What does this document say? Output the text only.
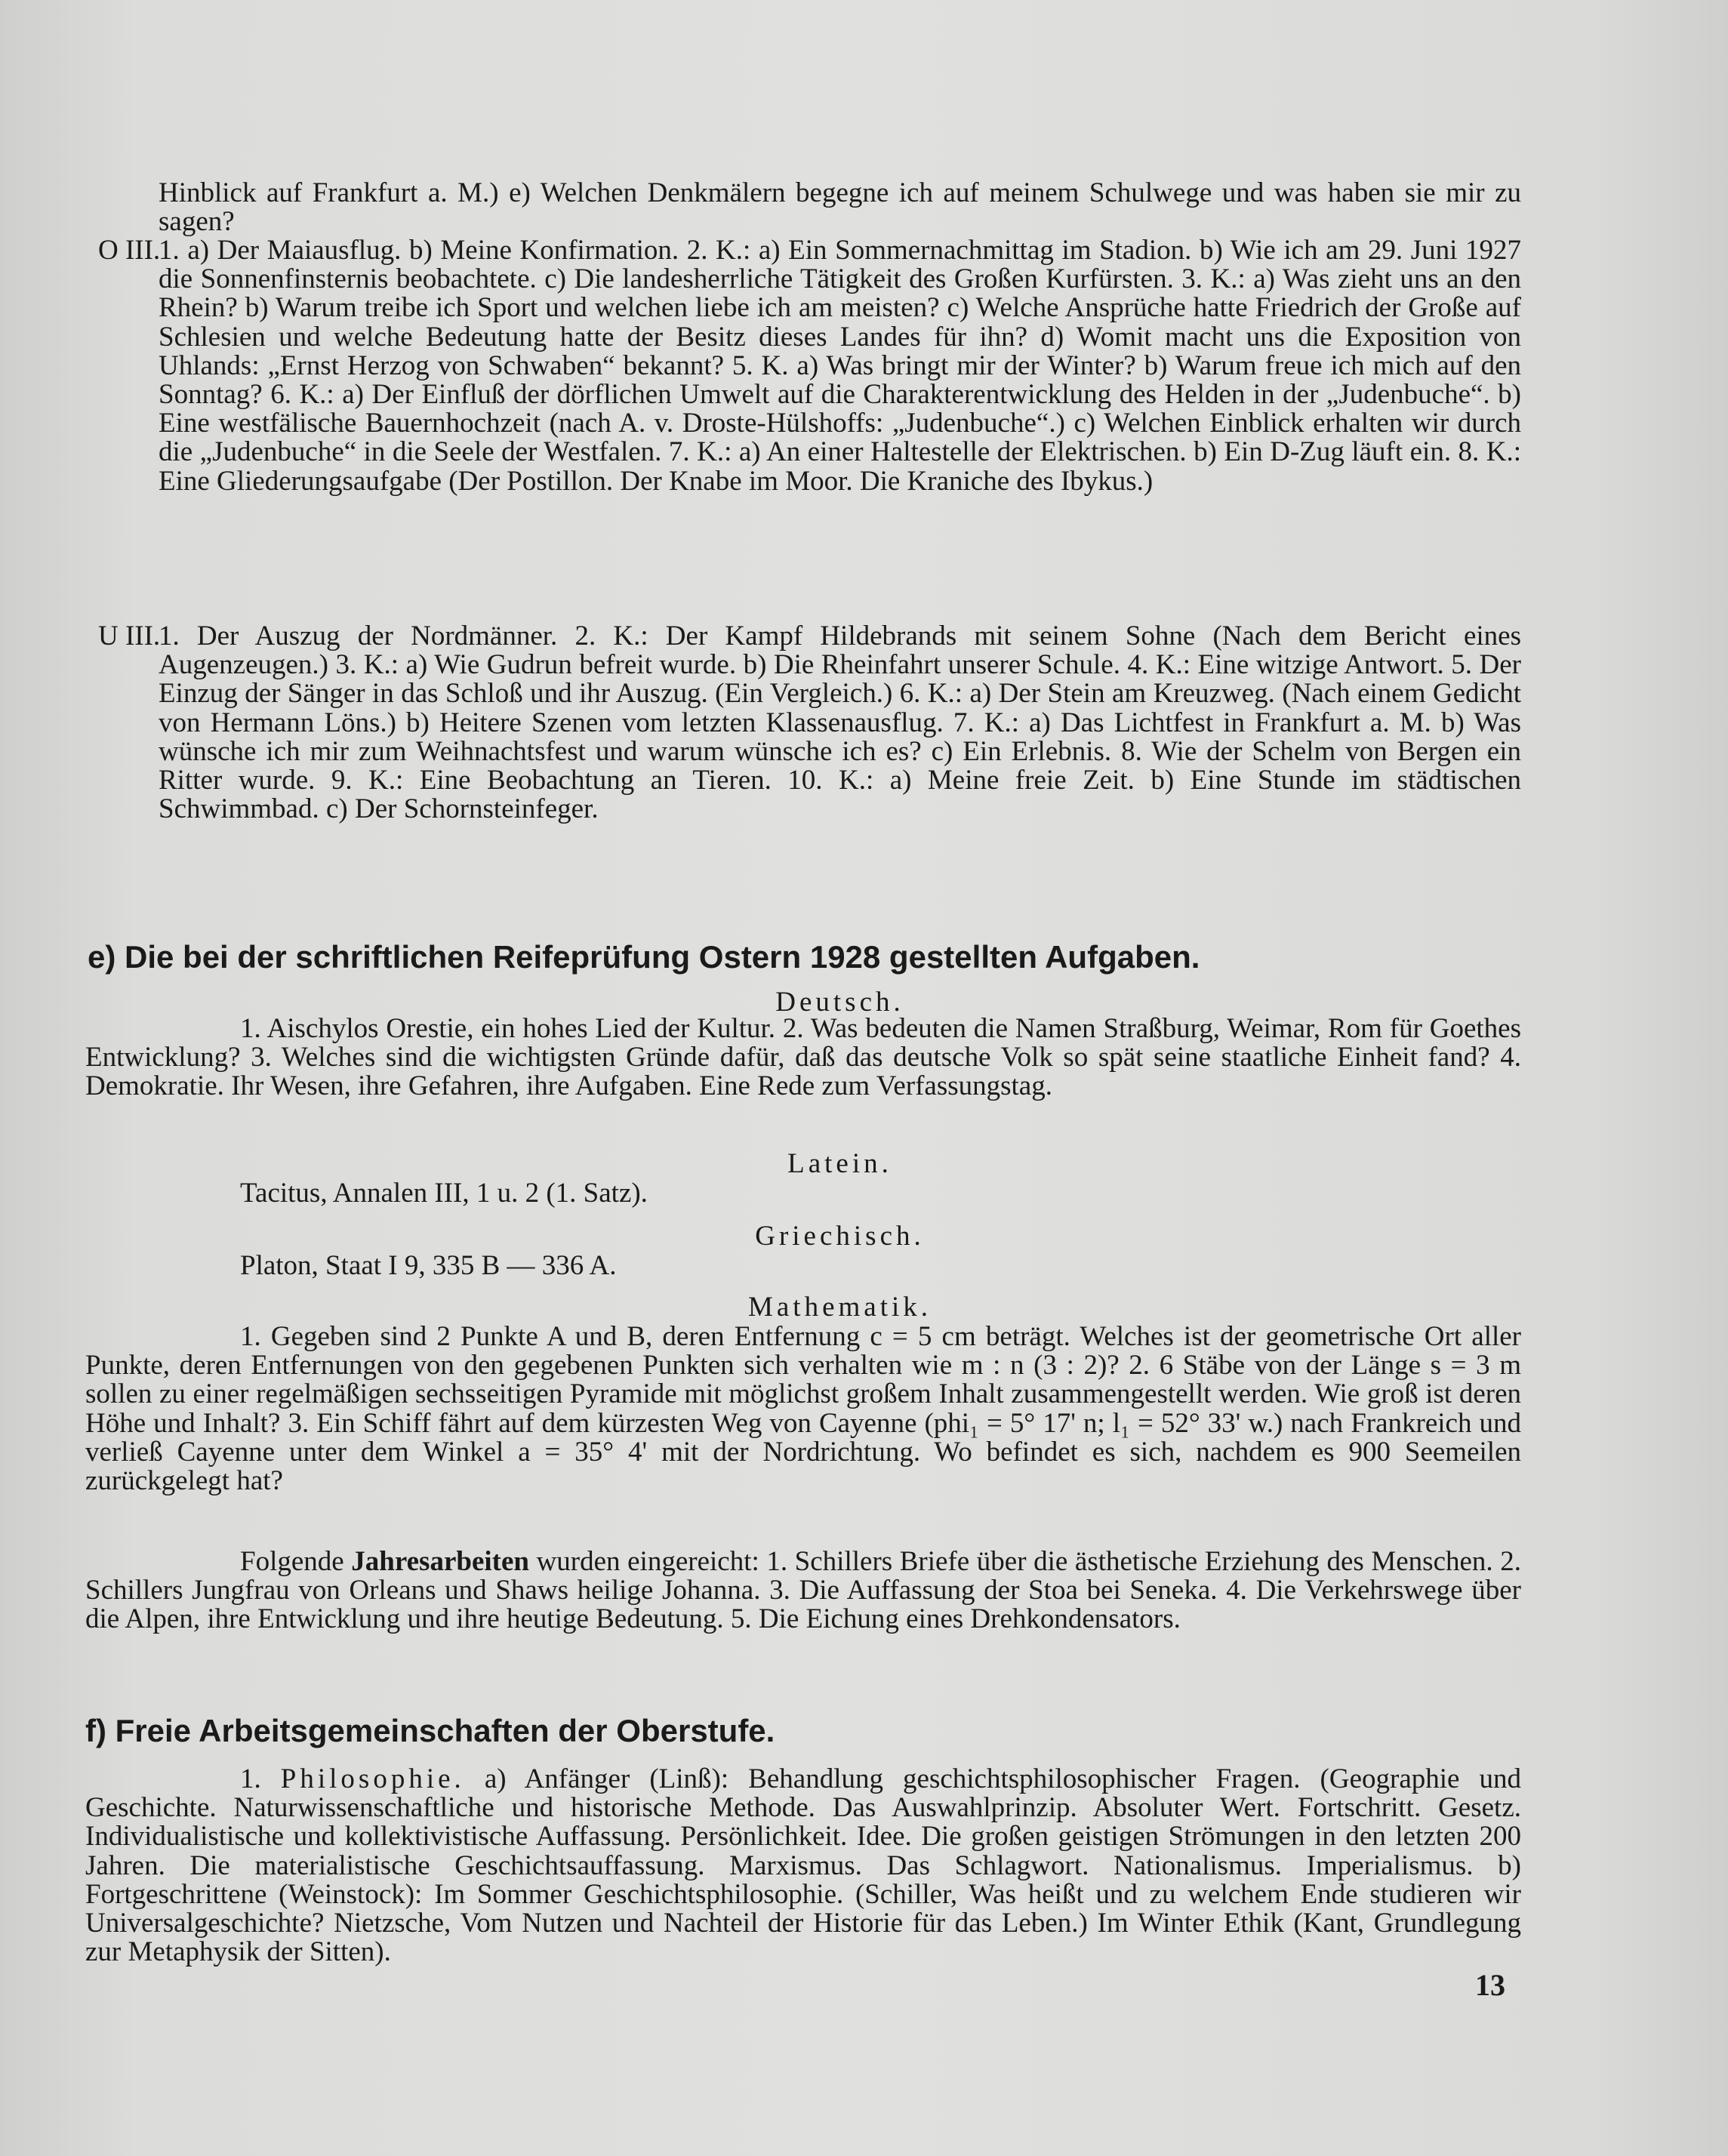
Hinblick auf Frankfurt a. M.) e) Welchen Denkmälern begegne ich auf meinem Schulwege und was haben sie mir zu sagen?

O III.
1. a) Der Maiausflug. b) Meine Konfirmation. 2. K.: a) Ein Sommernachmittag im Stadion. b) Wie ich am 29. Juni 1927 die Sonnenfinsternis beobachtete. c) Die landesherrliche Tätigkeit des Großen Kurfürsten. 3. K.: a) Was zieht uns an den Rhein? b) Warum treibe ich Sport und welchen liebe ich am meisten? c) Welche Ansprüche hatte Friedrich der Große auf Schlesien und welche Bedeutung hatte der Besitz dieses Landes für ihn? d) Womit macht uns die Exposition von Uhlands: „Ernst Herzog von Schwaben“ bekannt? 5. K. a) Was bringt mir der Winter? b) Warum freue ich mich auf den Sonntag? 6. K.: a) Der Einfluß der dörflichen Umwelt auf die Charakterentwicklung des Helden in der „Judenbuche“. b) Eine westfälische Bauernhochzeit (nach A. v. Droste-Hülshoffs: „Judenbuche“.) c) Welchen Einblick erhalten wir durch die „Judenbuche“ in die Seele der Westfalen. 7. K.: a) An einer Haltestelle der Elektrischen. b) Ein D-Zug läuft ein. 8. K.: Eine Gliederungsaufgabe (Der Postillon. Der Knabe im Moor. Die Kraniche des Ibykus.)
U III.
1. Der Auszug der Nordmänner. 2. K.: Der Kampf Hildebrands mit seinem Sohne (Nach dem Bericht eines Augenzeugen.) 3. K.: a) Wie Gudrun befreit wurde. b) Die Rheinfahrt unserer Schule. 4. K.: Eine witzige Antwort. 5. Der Einzug der Sänger in das Schloß und ihr Auszug. (Ein Vergleich.) 6. K.: a) Der Stein am Kreuzweg. (Nach einem Gedicht von Hermann Löns.) b) Heitere Szenen vom letzten Klassenausflug. 7. K.: a) Das Lichtfest in Frankfurt a. M. b) Was wünsche ich mir zum Weihnachtsfest und warum wünsche ich es? c) Ein Erlebnis. 8. Wie der Schelm von Bergen ein Ritter wurde. 9. K.: Eine Beobachtung an Tieren. 10. K.: a) Meine freie Zeit. b) Eine Stunde im städtischen Schwimmbad. c) Der Schornsteinfeger.
e) Die bei der schriftlichen Reifeprüfung Ostern 1928 gestellten Aufgaben.

Deutsch.

1. Aischylos Orestie, ein hohes Lied der Kultur. 2. Was bedeuten die Namen Straßburg, Weimar, Rom für Goethes Entwicklung? 3. Welches sind die wichtigsten Gründe dafür, daß das deutsche Volk so spät seine staatliche Einheit fand? 4. Demokratie. Ihr Wesen, ihre Gefahren, ihre Aufgaben. Eine Rede zum Verfassungstag.

Latein.

Tacitus, Annalen III, 1 u. 2 (1. Satz).

Griechisch.

Platon, Staat I 9, 335 B — 336 A.

Mathematik.

1. Gegeben sind 2 Punkte A und B, deren Entfernung c = 5 cm beträgt. Welches ist der geometrische Ort aller Punkte, deren Entfernungen von den gegebenen Punkten sich verhalten wie m : n (3 : 2)? 2. 6 Stäbe von der Länge s = 3 m sollen zu einer regelmäßigen sechsseitigen Pyramide mit möglichst großem Inhalt zusammengestellt werden. Wie groß ist deren Höhe und Inhalt? 3. Ein Schiff fährt auf dem kürzesten Weg von Cayenne (phi₁ = 5° 17' n; l₁ = 52° 33' w.) nach Frankreich und verließ Cayenne unter dem Winkel a = 35° 4' mit der Nordrichtung. Wo befindet es sich, nachdem es 900 Seemeilen zurückgelegt hat?

Folgende Jahresarbeiten wurden eingereicht: 1. Schillers Briefe über die ästhetische Erziehung des Menschen. 2. Schillers Jungfrau von Orleans und Shaws heilige Johanna. 3. Die Auffassung der Stoa bei Seneka. 4. Die Verkehrswege über die Alpen, ihre Entwicklung und ihre heutige Bedeutung. 5. Die Eichung eines Drehkondensators.

f) Freie Arbeitsgemeinschaften der Oberstufe.

1. Philosophie. a) Anfänger (Linß): Behandlung geschichtsphilosophischer Fragen. (Geographie und Geschichte. Naturwissenschaftliche und historische Methode. Das Auswahlprinzip. Absoluter Wert. Fortschritt. Gesetz. Individualistische und kollektivistische Auffassung. Persönlichkeit. Idee. Die großen geistigen Strömungen in den letzten 200 Jahren. Die materialistische Geschichtsauffassung. Marxismus. Das Schlagwort. Nationalismus. Imperialismus. b) Fortgeschrittene (Weinstock): Im Sommer Geschichtsphilosophie. (Schiller, Was heißt und zu welchem Ende studieren wir Universalgeschichte? Nietzsche, Vom Nutzen und Nachteil der Historie für das Leben.) Im Winter Ethik (Kant, Grundlegung zur Metaphysik der Sitten).

13
